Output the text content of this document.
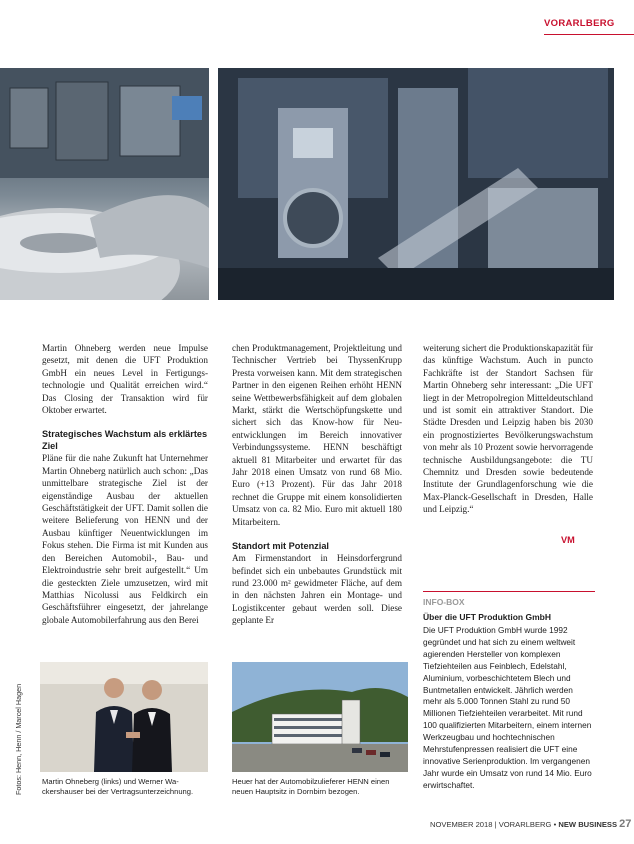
VORARLBERG

Martin Ohneberg werden neue Impulse gesetzt, mit denen die UFT Produktion GmbH ein neues Level in Fertigungstechnologie und Qualität erreichen wird.“ Das Closing der Transaktion wird für Oktober erwartet.

Strategisches Wachstum als erklärtes Ziel

Pläne für die nahe Zukunft hat Unternehmer Martin Ohneberg natürlich auch schon: „Das unmittelbare strategische Ziel ist der eigenständige Ausbau der aktuellen Geschäftstätigkeit der UFT. Damit sollen die weitere Belieferung von HENN und der Ausbau künftiger Neuentwicklungen im Fokus stehen. Die Firma ist mit Kunden aus den Bereichen Automobil-, Bau- und Elektroindustrie sehr breit aufgestellt.“ Um die gesteckten Ziele umzusetzen, wird mit Matthias Nicolussi aus Feldkirch ein Geschäftsführer eingesetzt, der jahrelange globale Automobilerfahrung aus den Berei

chen Produktmanagement, Projektleitung und Technischer Vertrieb bei ThyssenKrupp Presta vorweisen kann. Mit dem strategischen Partner in den eigenen Reihen erhöht HENN seine Wettbewerbsfähigkeit auf dem globalen Markt, stärkt die Wertschöpfungskette und sichert sich das Know-how für Neuentwicklungen im Bereich innovativer Verbindungssysteme. HENN beschäftigt aktuell 81 Mitarbeiter und erwartet für das Jahr 2018 einen Umsatz von rund 68 Mio. Euro (+13 Prozent). Für das Jahr 2018 rechnet die Gruppe mit einem konsolidierten Umsatz von ca. 82 Mio. Euro mit aktuell 180 Mitarbeitern.

Standort mit Potenzial

Am Firmenstandort in Heinsdorfergrund befindet sich ein unbebautes Grundstück mit rund 23.000 m² gewidmeter Fläche, auf dem in den nächsten Jahren ein Montage- und Logistikcenter gebaut werden soll. Diese geplante Er

weiterung sichert die Produktionskapazität für das künftige Wachstum. Auch in puncto Fachkräfte ist der Standort Sachsen für Martin Ohneberg sehr interessant: „Die UFT liegt in der Metropolregion Mitteldeutschland und ist somit ein attraktiver Standort. Die Städte Dresden und Leipzig haben bis 2030 ein prognostiziertes Bevölkerungswachstum von mehr als 10 Prozent sowie hervorragende technische Ausbildungsangebote: die TU Chemnitz und Dresden sowie bedeutende Institute der Grundlagenforschung wie die Max-Planck-Gesellschaft in Dresden, Halle und Leipzig.“

VM
INFO-BOX
Über die UFT Produktion GmbH
Die UFT Produktion GmbH wurde 1992 gegründet und hat sich zu einem weltweit agierenden Hersteller von komplexen Tiefziehteilen aus Feinblech, Edelstahl, Aluminium, vorbeschichtetem Blech und Buntmetallen entwickelt. Jährlich werden mehr als 5.000 Tonnen Stahl zu rund 50 Millionen Tiefziehteilen verarbeitet. Mit rund 100 qualifizierten Mitarbeitern, einem internen Werkzeugbau und hochtechnischen Mehrstufenpressen realisiert die UFT eine innovative Serienproduktion. Im vergangenen Jahr wurde ein Umsatz von rund 14 Mio. Euro erwirtschaftet.
Fotos: Henn, Henn / Marcel Hagen	Martin Ohneberg (links) und Werner Wackershauser bei der Vertragsunterzeichnung.
Heuer hat der Automobilzulieferer HENN einen neuen Hauptsitz in Dornbirn bezogen.
NOVEMBER 2018 | VORARLBERG • NEW BUSINESS 27
